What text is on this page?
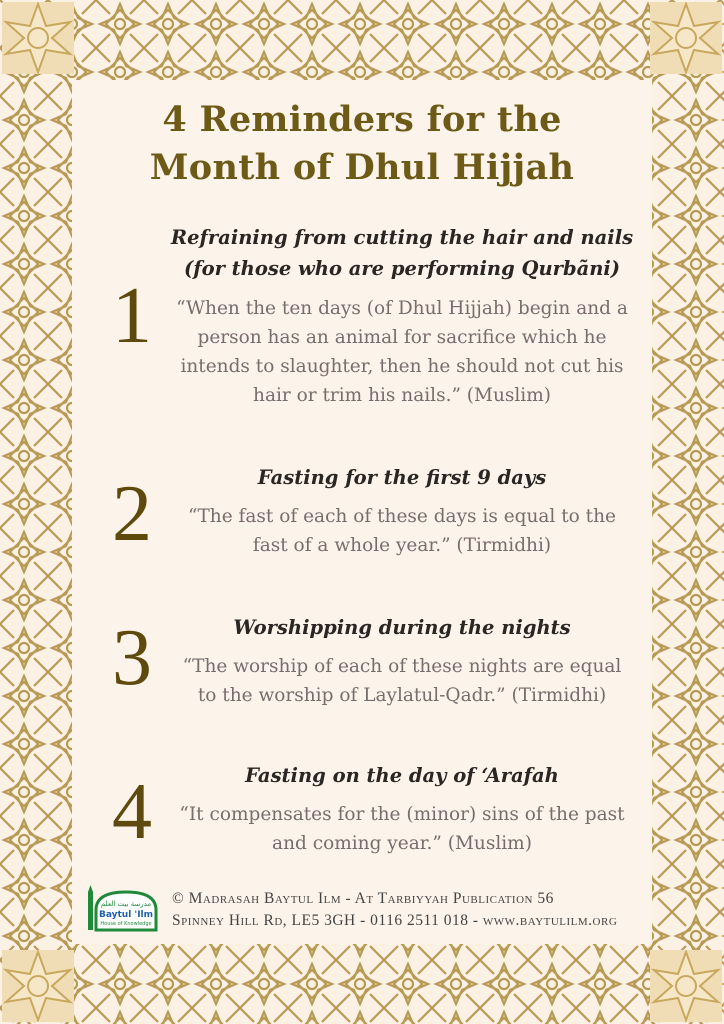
4 Reminders for the
Month of Dhul Hijjah
1
Refraining from cutting the hair and nails
(for those who are performing Qurbãni)
“When the ten days (of Dhul Hijjah) begin and a
person has an animal for sacrifice which he
intends to slaughter, then he should not cut his
hair or trim his nails.” (Muslim)
2	Fasting for the first 9 days
“The fast of each of these days is equal to the
fast of a whole year.” (Tirmidhi)
3	Worshipping during the nights
“The worship of each of these nights are equal
to the worship of Laylatul-Qadr.” (Tirmidhi)
4	Fasting on the day of ‘Arafah
“It compensates for the (minor) sins of the past
and coming year.” (Muslim)
مدرسة بيت العلم
Baytul 'Ilm
House of Knowledge
© Madrasah Baytul Ilm - At Tarbiyyah Publication 56
Spinney Hill Rd, LE5 3GH - 0116 2511 018 - www.baytulilm.org
